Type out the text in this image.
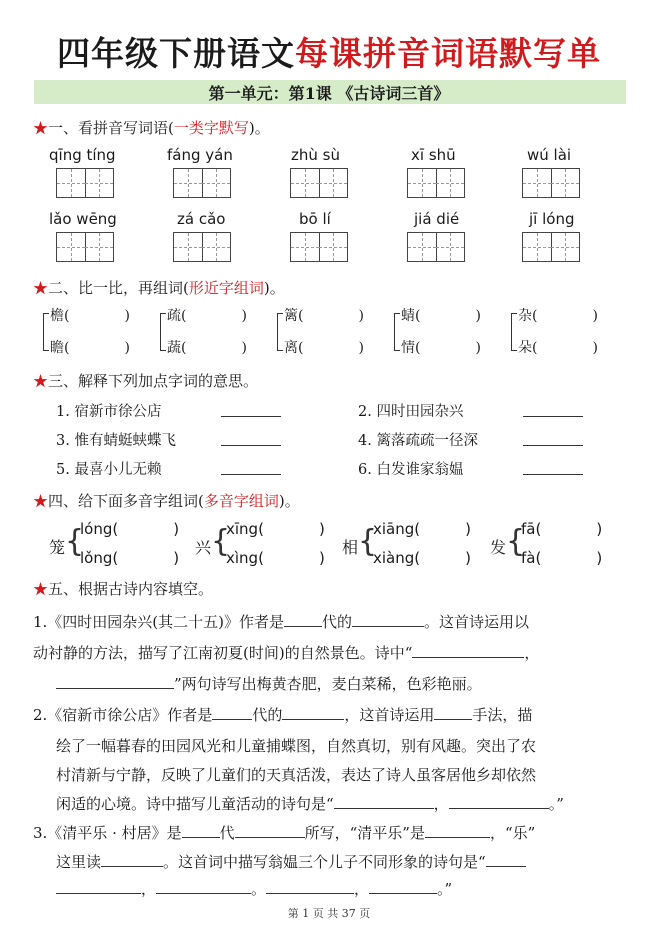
四年级下册语文每课拼音词语默写单
第一单元：第1课 《古诗词三首》
★一、看拼音写词语(一类字默写)。
qīng tíng	fáng yán	zhù sù	xī shū	wú lài
lǎo wēng	zá cǎo	bō lí	jiá dié	jī lóng
★二、比一比，再组词(形近字组词)。
檐(	)
瞻(	)
疏(	)
蔬(	)
篱(	)
离(	)
蜻(	)
情(	)
杂(	)
朵(	)
★三、解释下列加点字词的意思。
1. 宿新市徐公店	2. 四时田园杂兴
3. 惟有蜻蜓蛱蝶飞	4. 篱落疏疏一径深
5. 最喜小儿无赖	6. 白发谁家翁媪
★四、给下面多音字组词(多音字组词)。
笼 {
lóng(	)
lǒng(	)
兴 {
xīng(	)
xìng(	)
相 {
xiāng(	)
xiàng(	)
发 {
fā(	)
fà(	)
★五、根据古诗内容填空。
1.《四时田园杂兴(其二十五)》作者是	代的	。这首诗运用以
动衬静的方法，描写了江南初夏(时间)的自然景色。诗中“	，
”两句诗写出梅黄杏肥，麦白菜稀，色彩艳丽。
2.《宿新市徐公店》作者是	代的	，这首诗运用	手法，描
绘了一幅暮春的田园风光和儿童捕蝶图，自然真切，别有风趣。突出了农
村清新与宁静，反映了儿童们的天真活泼，表达了诗人虽客居他乡却依然
闲适的心境。诗中描写儿童活动的诗句是“	，	。”
3.《清平乐 · 村居》是	代	所写，“清平乐”是	，“乐”
这里读	。这首词中描写翁媪三个儿子不同形象的诗句是“
，	。	，	。”
第 1 页 共 37 页
